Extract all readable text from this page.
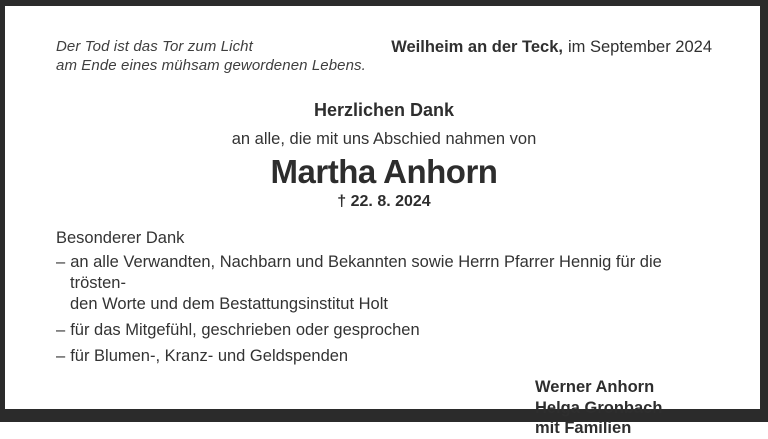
Der Tod ist das Tor zum Licht
am Ende eines mühsam gewordenen Lebens.
Weilheim an der Teck, im September 2024
Herzlichen Dank
an alle, die mit uns Abschied nahmen von
Martha Anhorn
† 22. 8. 2024
Besonderer Dank
– an alle Verwandten, Nachbarn und Bekannten sowie Herrn Pfarrer Hennig für die trösten-
den Worte und dem Bestattungsinstitut Holt
– für das Mitgefühl, geschrieben oder gesprochen
– für Blumen-, Kranz- und Geldspenden
Werner Anhorn
Helga Gronbach
mit Familien
